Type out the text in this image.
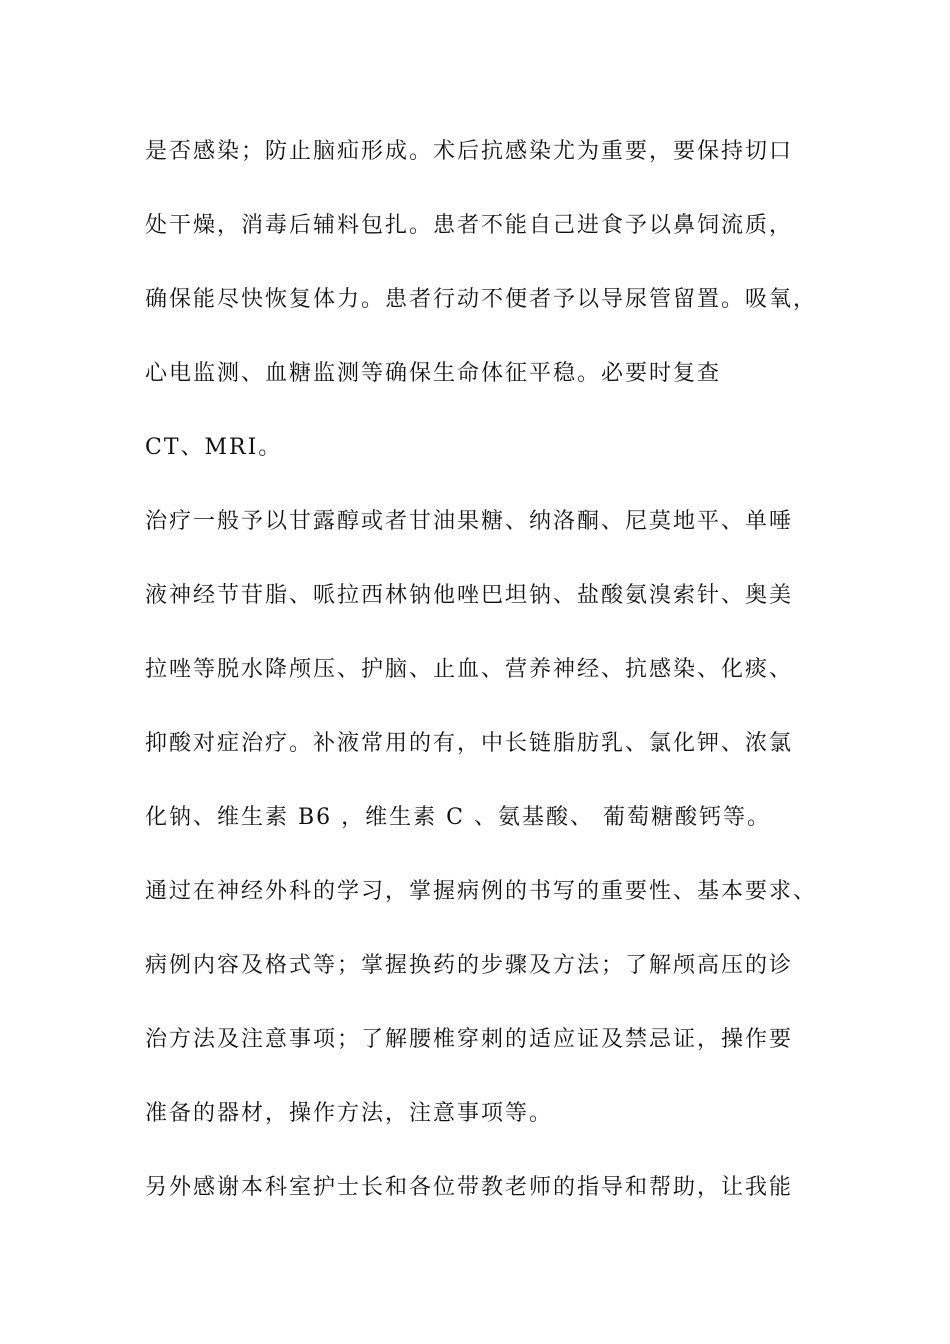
是否感染；防止脑疝形成。术后抗感染尤为重要，要保持切口
处干燥，消毒后辅料包扎。患者不能自己进食予以鼻饲流质，
确保能尽快恢复体力。患者行动不便者予以导尿管留置。吸氧，
心电监测、血糖监测等确保生命体征平稳。必要时复查
CT、MRI。
治疗一般予以甘露醇或者甘油果糖、纳洛酮、尼莫地平、单唾
液神经节苷脂、哌拉西林钠他唑巴坦钠、盐酸氨溴索针、奥美
拉唑等脱水降颅压、护脑、止血、营养神经、抗感染、化痰、
抑酸对症治疗。补液常用的有，中长链脂肪乳、氯化钾、浓氯
化钠、维生素 B6 ，维生素 C 、氨基酸、 葡萄糖酸钙等。
通过在神经外科的学习，掌握病例的书写的重要性、基本要求、
病例内容及格式等；掌握换药的步骤及方法；了解颅高压的诊
治方法及注意事项；了解腰椎穿刺的适应证及禁忌证，操作要
准备的器材，操作方法，注意事项等。
另外感谢本科室护士长和各位带教老师的指导和帮助，让我能
